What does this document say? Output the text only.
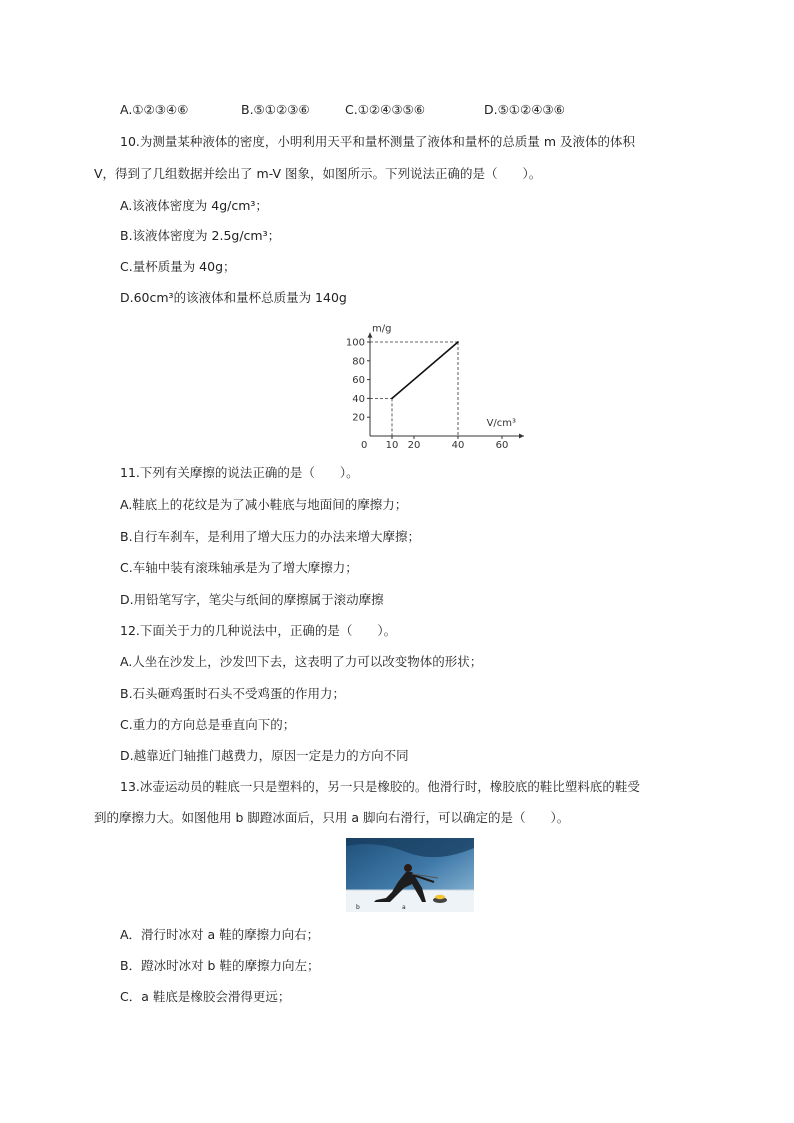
A.①②③④⑥	B.⑤①②③⑥	C.①②④③⑤⑥	D.⑤①②④③⑥
10.为测量某种液体的密度，小明利用天平和量杯测量了液体和量杯的总质量 m 及液体的体积
V，得到了几组数据并绘出了 m-V 图象，如图所示。下列说法正确的是（　　）。
A.该液体密度为 4g/cm³；
B.该液体密度为 2.5g/cm³；
C.量杯质量为 40g；
D.60cm³的该液体和量杯总质量为 140g
m/g
V/cm³
0
20
40
60
80
100
10 20	40	60
11.下列有关摩擦的说法正确的是（　　）。
A.鞋底上的花纹是为了减小鞋底与地面间的摩擦力；
B.自行车刹车，是利用了增大压力的办法来增大摩擦；
C.车轴中装有滚珠轴承是为了增大摩擦力；
D.用铅笔写字，笔尖与纸间的摩擦属于滚动摩擦
12.下面关于力的几种说法中，正确的是（　　）。
A.人坐在沙发上，沙发凹下去，这表明了力可以改变物体的形状；
B.石头砸鸡蛋时石头不受鸡蛋的作用力；
C.重力的方向总是垂直向下的；
D.越靠近门轴推门越费力，原因一定是力的方向不同
13.冰壶运动员的鞋底一只是塑料的，另一只是橡胶的。他滑行时，橡胶底的鞋比塑料底的鞋受
到的摩擦力大。如图他用 b 脚蹬冰面后，只用 a 脚向右滑行，可以确定的是（　　）。
b	a
A．滑行时冰对 a 鞋的摩擦力向右；
B．蹬冰时冰对 b 鞋的摩擦力向左；
C．a 鞋底是橡胶会滑得更远；
